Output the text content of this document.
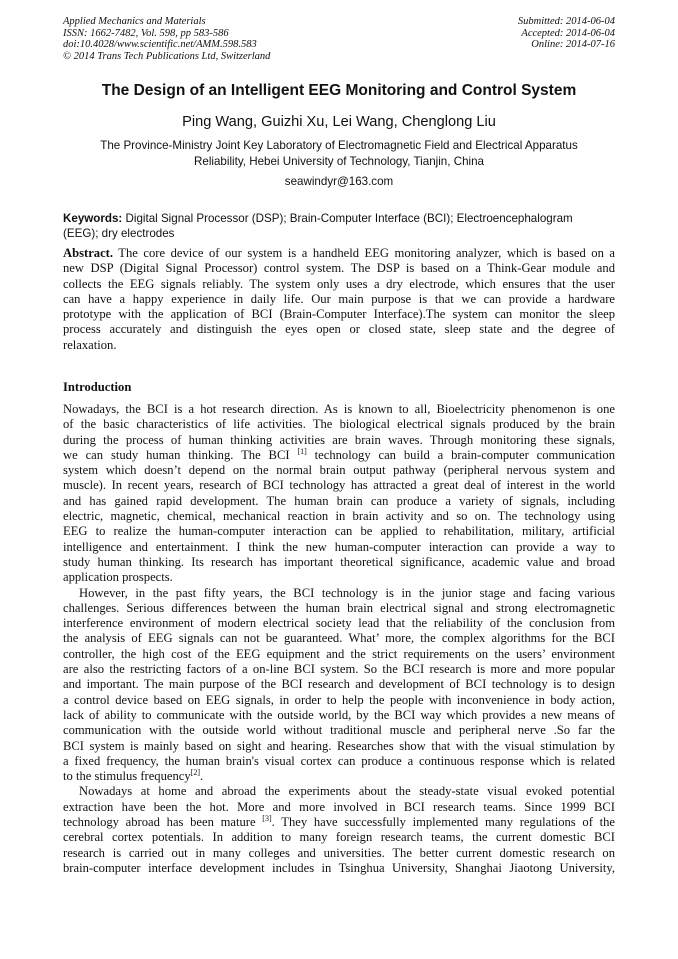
Applied Mechanics and Materials
ISSN: 1662-7482, Vol. 598, pp 583-586
doi:10.4028/www.scientific.net/AMM.598.583
© 2014 Trans Tech Publications Ltd, Switzerland
Submitted: 2014-06-04
Accepted: 2014-06-04
Online: 2014-07-16
The Design of an Intelligent EEG Monitoring and Control System
Ping Wang, Guizhi Xu, Lei Wang, Chenglong Liu
The Province-Ministry Joint Key Laboratory of Electromagnetic Field and Electrical Apparatus
Reliability, Hebei University of Technology, Tianjin, China
seawindyr@163.com
Keywords: Digital Signal Processor (DSP); Brain-Computer Interface (BCI); Electroencephalogram
(EEG); dry electrodes
Abstract. The core device of our system is a handheld EEG monitoring analyzer, which is based on a
new DSP (Digital Signal Processor) control system. The DSP is based on a Think-Gear module and
collects the EEG signals reliably. The system only uses a dry electrode, which ensures that the user
can have a happy experience in daily life. Our main purpose is that we can provide a hardware
prototype with the application of BCI (Brain-Computer Interface).The system can monitor the sleep
process accurately and distinguish the eyes open or closed state, sleep state and the degree of
relaxation.
Introduction
Nowadays, the BCI is a hot research direction. As is known to all, Bioelectricity phenomenon is one
of the basic characteristics of life activities. The biological electrical signals produced by the brain
during the process of human thinking activities are brain waves. Through monitoring these signals,
we can study human thinking. The BCI [1] technology can build a brain-computer communication
system which doesn’t depend on the normal brain output pathway (peripheral nervous system and
muscle). In recent years, research of BCI technology has attracted a great deal of interest in the world
and has gained rapid development. The human brain can produce a variety of signals, including
electric, magnetic, chemical, mechanical reaction in brain activity and so on. The technology using
EEG to realize the human-computer interaction can be applied to rehabilitation, military, artificial
intelligence and entertainment. I think the new human-computer interaction can provide a way to
study human thinking. Its research has important theoretical significance, academic value and broad
application prospects.
However, in the past fifty years, the BCI technology is in the junior stage and facing various
challenges. Serious differences between the human brain electrical signal and strong electromagnetic
interference environment of modern electrical society lead that the reliability of the conclusion from
the analysis of EEG signals can not be guaranteed. What’ more, the complex algorithms for the BCI
controller, the high cost of the EEG equipment and the strict requirements on the users’ environment
are also the restricting factors of a on-line BCI system. So the BCI research is more and more popular
and important. The main purpose of the BCI research and development of BCI technology is to design
a control device based on EEG signals, in order to help the people with inconvenience in body action,
lack of ability to communicate with the outside world, by the BCI way which provides a new means of
communication with the outside world without traditional muscle and peripheral nerve .So far the
BCI system is mainly based on sight and hearing. Researches show that with the visual stimulation by
a fixed frequency, the human brain's visual cortex can produce a continuous response which is related
to the stimulus frequency[2].
Nowadays at home and abroad the experiments about the steady-state visual evoked potential
extraction have been the hot. More and more involved in BCI research teams. Since 1999 BCI
technology abroad has been mature [3]. They have successfully implemented many regulations of the
cerebral cortex potentials. In addition to many foreign research teams, the current domestic BCI
research is carried out in many colleges and universities. The better current domestic research on
brain-computer interface development includes in Tsinghua University, Shanghai Jiaotong University,
